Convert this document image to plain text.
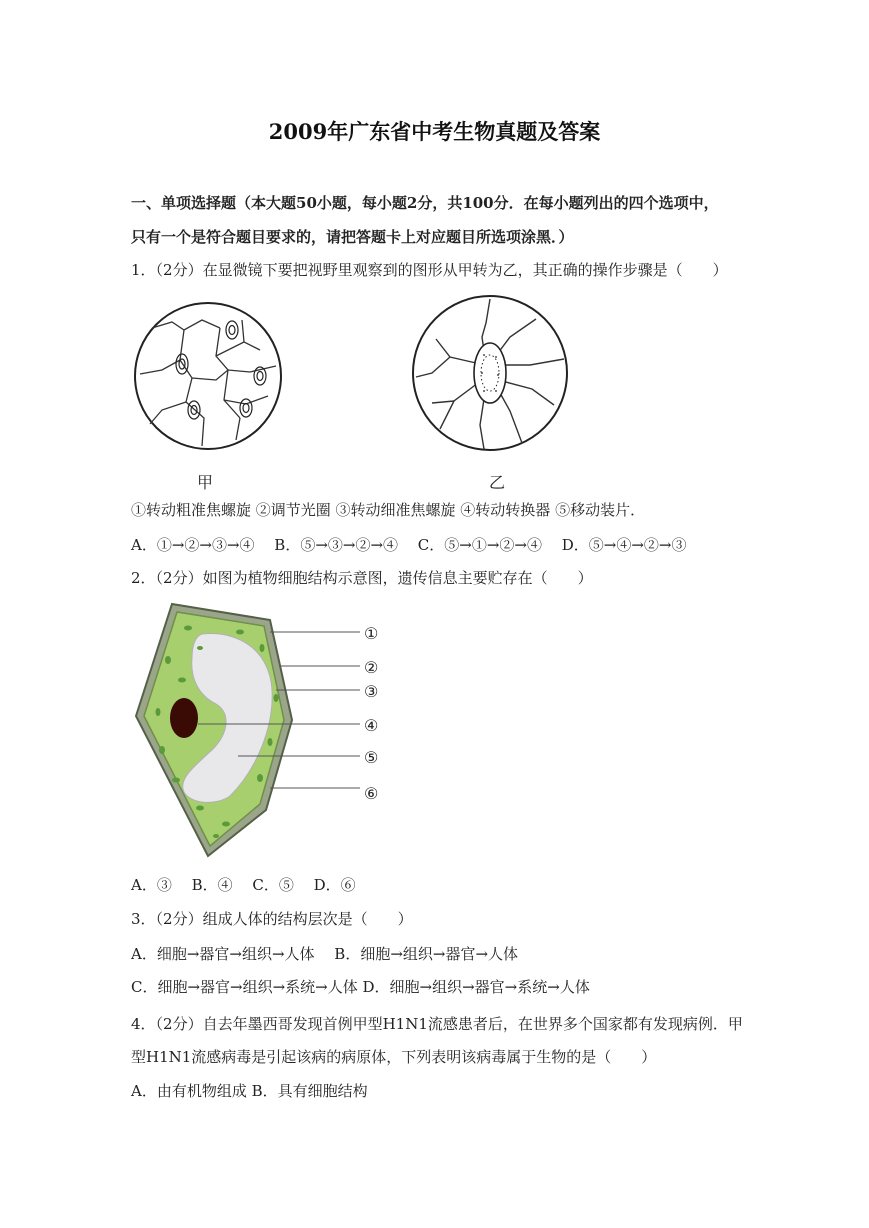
2009年广东省中考生物真题及答案
一、单项选择题（本大题50小题，每小题2分，共100分．在每小题列出的四个选项中，
只有一个是符合题目要求的，请把答题卡上对应题目所选项涂黑．）
1．（2分）在显微镜下要把视野里观察到的图形从甲转为乙，其正确的操作步骤是（　　）
甲	乙
①转动粗准焦螺旋 ②调节光圈 ③转动细准焦螺旋 ④转动转换器 ⑤移动装片．
A．①→②→③→④　 B．⑤→③→②→④　 C．⑤→①→②→④　 D．⑤→④→②→③
2．（2分）如图为植物细胞结构示意图，遗传信息主要贮存在（　　）
①
②
③
④
⑤
⑥
A．③　 B．④　 C．⑤　 D．⑥
3．（2分）组成人体的结构层次是（　　）
A．细胞→器官→组织→人体　 B．细胞→组织→器官→人体
C．细胞→器官→组织→系统→人体 D．细胞→组织→器官→系统→人体
4．（2分）自去年墨西哥发现首例甲型H1N1流感患者后，在世界多个国家都有发现病例．甲
型H1N1流感病毒是引起该病的病原体，下列表明该病毒属于生物的是（　　）
A．由有机物组成 B．具有细胞结构
